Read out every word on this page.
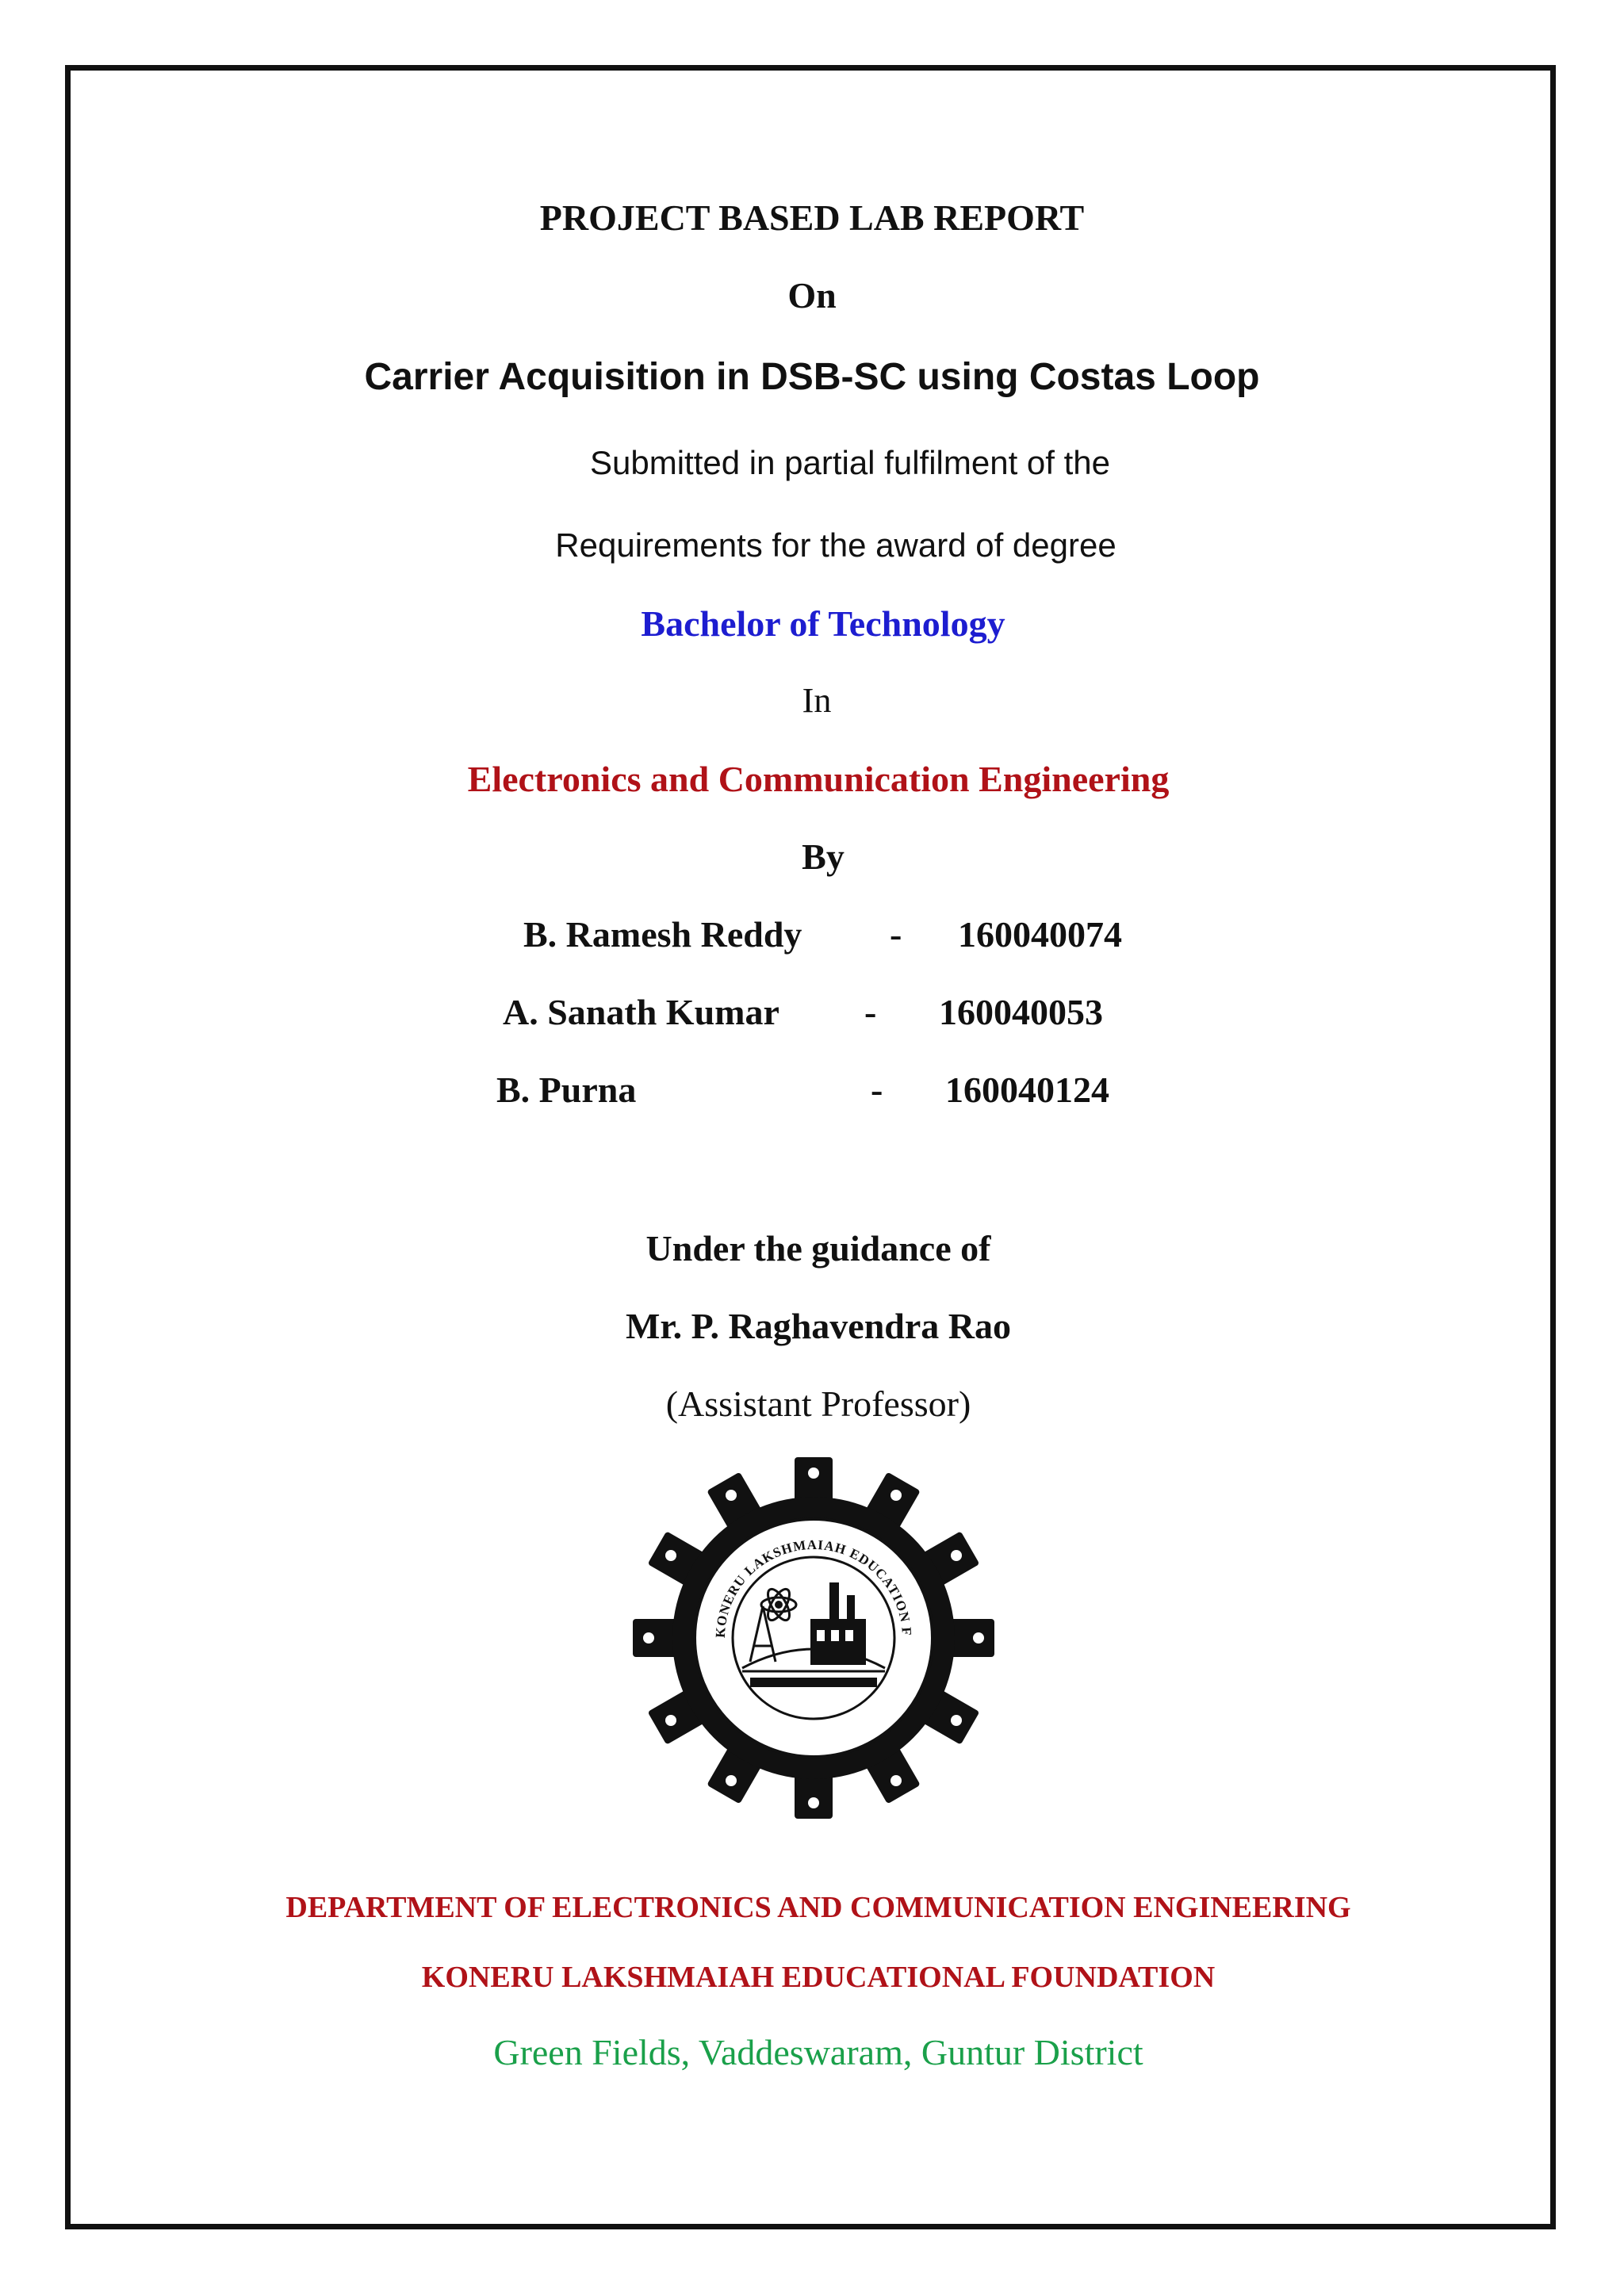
PROJECT BASED LAB REPORT
On
Carrier Acquisition in DSB-SC using Costas Loop
Submitted in partial fulfilment of the
Requirements for the award of degree
Bachelor of Technology
In
Electronics and Communication Engineering
By
B. Ramesh Reddy - 160040074
A. Sanath Kumar - 160040053
B. Purna	- 160040124
Under the guidance of
Mr. P. Raghavendra Rao
(Assistant Professor)
KONERU LAKSHMAIAH EDUCATION F
DEPARTMENT OF ELECTRONICS AND COMMUNICATION ENGINEERING
KONERU LAKSHMAIAH EDUCATIONAL FOUNDATION
Green Fields, Vaddeswaram, Guntur District
